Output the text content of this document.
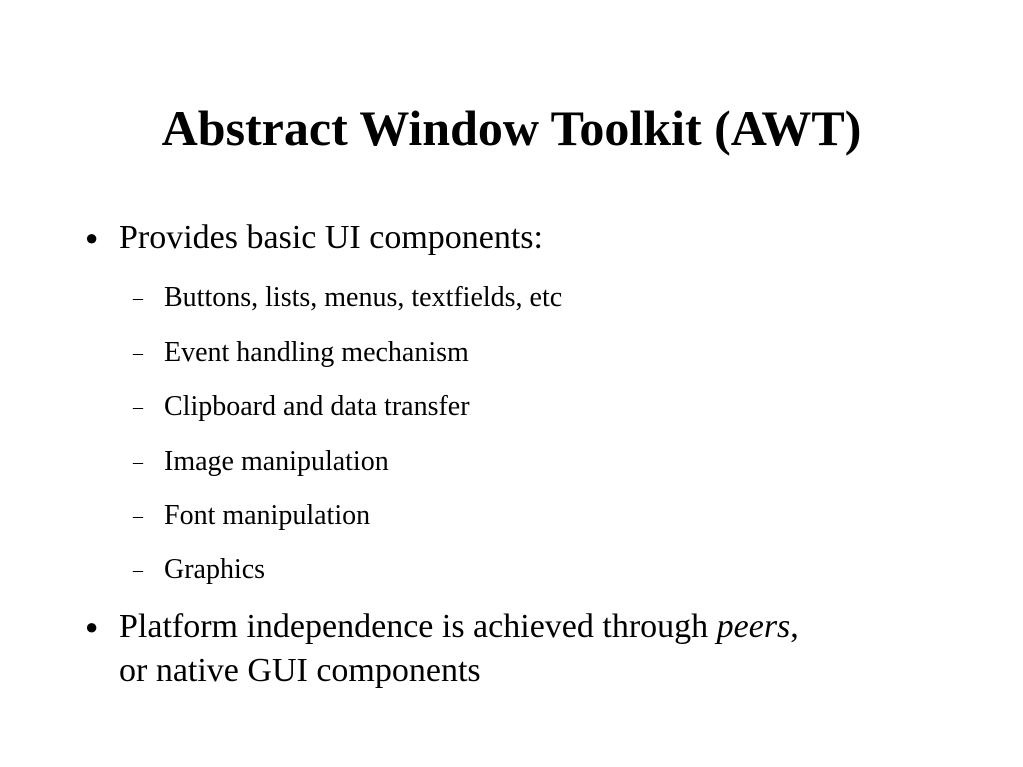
Abstract Window Toolkit (AWT)
● Provides basic UI components:
– Buttons, lists, menus, textfields, etc
– Event handling mechanism
– Clipboard and data transfer
– Image manipulation
– Font manipulation
– Graphics
● Platform independence is achieved through peers,
or native GUI components
